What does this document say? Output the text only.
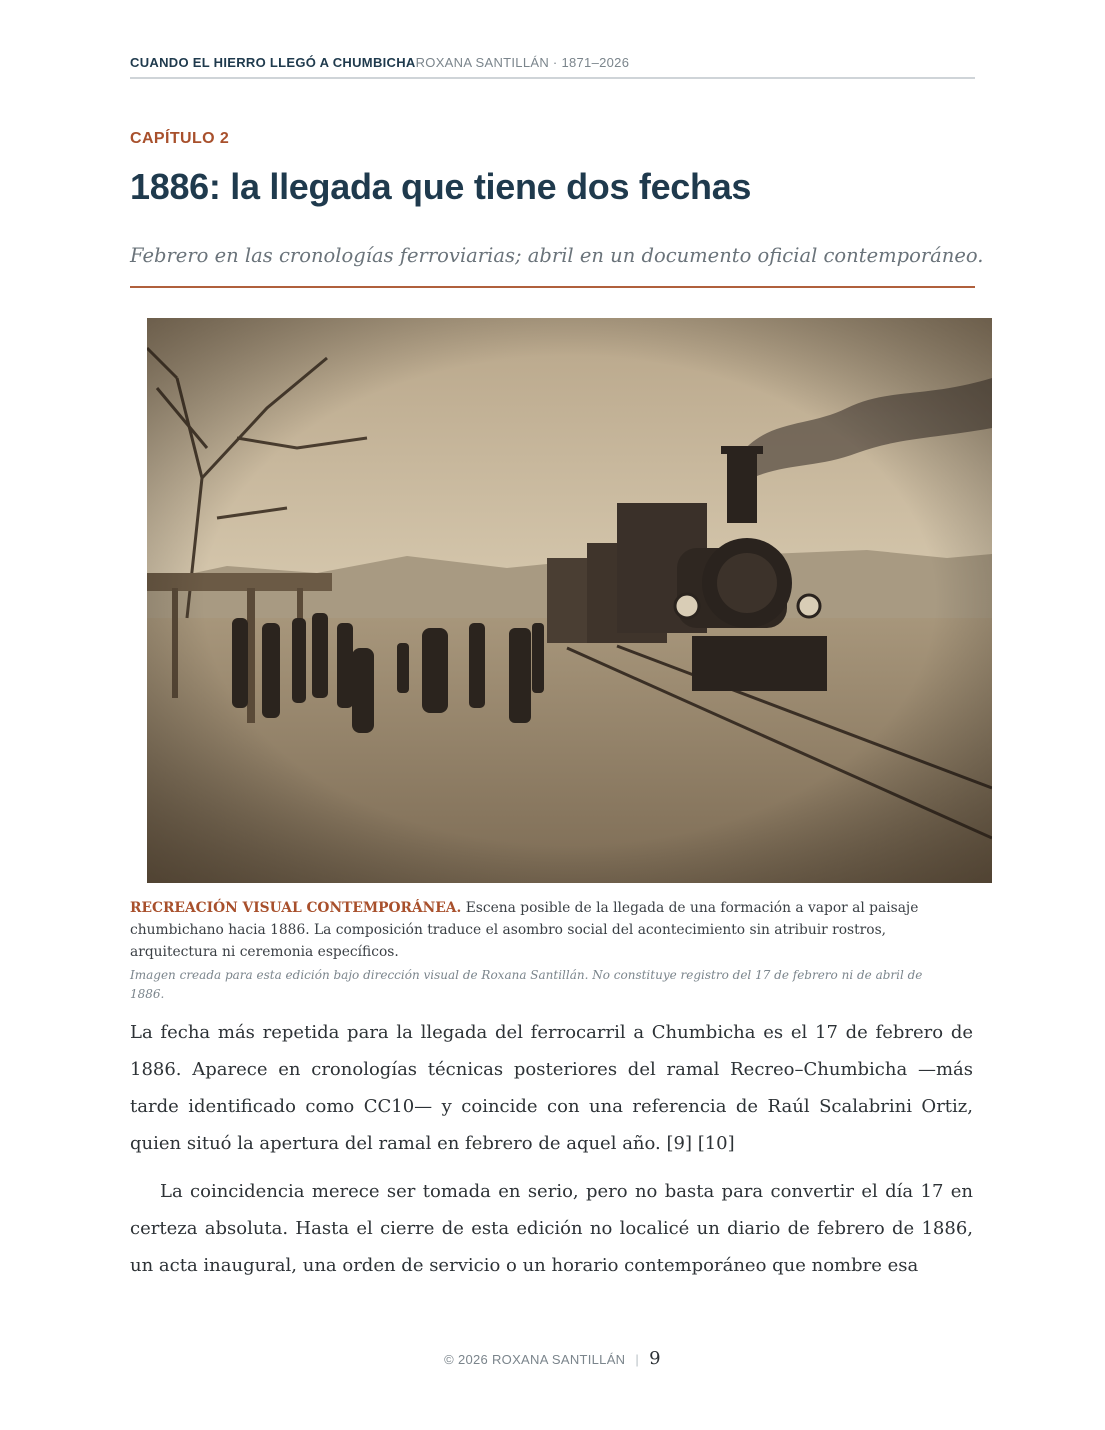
CUANDO EL HIERRO LLEGÓ A CHUMBICHAROXANA SANTILLÁN · 1871–2026
CAPÍTULO 2
1886: la llegada que tiene dos fechas
Febrero en las cronologías ferroviarias; abril en un documento oficial contemporáneo.
RECREACIÓN VISUAL CONTEMPORÁNEA. Escena posible de la llegada de una formación a vapor al paisaje chumbichano hacia 1886. La composición traduce el asombro social del acontecimiento sin atribuir rostros, arquitectura ni ceremonia específicos.
Imagen creada para esta edición bajo dirección visual de Roxana Santillán. No constituye registro del 17 de febrero ni de abril de 1886.

La fecha más repetida para la llegada del ferrocarril a Chumbicha es el 17 de febrero de 1886. Aparece en cronologías técnicas posteriores del ramal Recreo–Chumbicha —más tarde identificado como CC10— y coincide con una referencia de Raúl Scalabrini Ortiz, quien situó la apertura del ramal en febrero de aquel año. [9] [10]

La coincidencia merece ser tomada en serio, pero no basta para convertir el día 17 en certeza absoluta. Hasta el cierre de esta edición no localicé un diario de febrero de 1886, un acta inaugural, una orden de servicio o un horario contemporáneo que nombre esa

© 2026 ROXANA SANTILLÁN | 9
